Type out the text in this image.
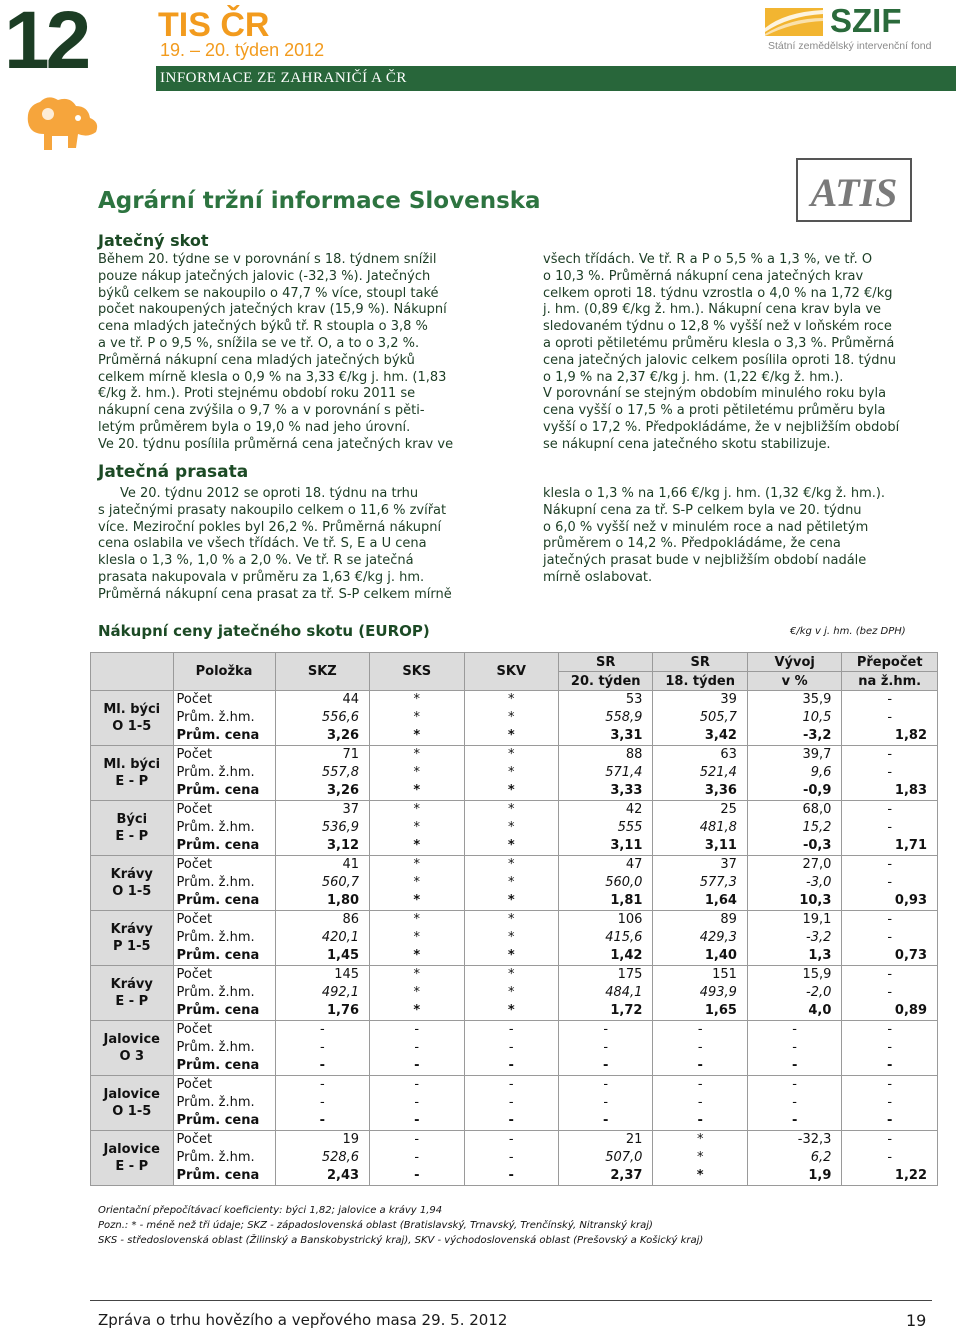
12 TIS ČR
19. – 20. týden 2012
INFORMACE ZE ZAHRANIČÍ A ČR
SZIF
Státní zemědělský intervenční fond
ATIS
Agrární tržní informace Slovenska
Jatečný skot
Během 20. týdne se v porovnání s 18. týdnem snížil
pouze nákup jatečných jalovic (-32,3 %). Jatečných
býků celkem se nakoupilo o 47,7 % více, stoupl také
počet nakoupených jatečných krav (15,9 %). Nákupní
cena mladých jatečných býků tř. R stoupla o 3,8 %
a ve tř. P o 9,5 %, snížila se ve tř. O, a to o 3,2 %.
Průměrná nákupní cena mladých jatečných býků
celkem mírně klesla o 0,9 % na 3,33 €/kg j. hm. (1,83
€/kg ž. hm.). Proti stejnému období roku 2011 se
nákupní cena zvýšila o 9,7 % a v porovnání s pěti-
letým průměrem byla o 19,0 % nad jeho úrovní.
Ve 20. týdnu posílila průměrná cena jatečných krav ve
všech třídách. Ve tř. R a P o 5,5 % a 1,3 %, ve tř. O
o 10,3 %. Průměrná nákupní cena jatečných krav
celkem oproti 18. týdnu vzrostla o 4,0 % na 1,72 €/kg
j. hm. (0,89 €/kg ž. hm.). Nákupní cena krav byla ve
sledovaném týdnu o 12,8 % vyšší než v loňském roce
a oproti pětiletému průměru klesla o 3,3 %. Průměrná
cena jatečných jalovic celkem posílila oproti 18. týdnu
o 1,9 % na 2,37 €/kg j. hm. (1,22 €/kg ž. hm.).
V porovnání se stejným obdobím minulého roku byla
cena vyšší o 17,5 % a proti pětiletému průměru byla
vyšší o 17,2 %. Předpokládáme, že v nejbližším období
se nákupní cena jatečného skotu stabilizuje.
Jatečná prasata
Ve 20. týdnu 2012 se oproti 18. týdnu na trhu
s jatečnými prasaty nakoupilo celkem o 11,6 % zvířat
více. Meziroční pokles byl 26,2 %. Průměrná nákupní
cena oslabila ve všech třídách. Ve tř. S, E a U cena
klesla o 1,3 %, 1,0 % a 2,0 %. Ve tř. R se jatečná
prasata nakupovala v průměru za 1,63 €/kg j. hm.
Průměrná nákupní cena prasat za tř. S-P celkem mírně
klesla o 1,3 % na 1,66 €/kg j. hm. (1,32 €/kg ž. hm.).
Nákupní cena za tř. S-P celkem byla ve 20. týdnu
o 6,0 % vyšší než v minulém roce a nad pětiletým
průměrem o 14,2 %. Předpokládáme, že cena
jatečných prasat bude v nejbližším období nadále
mírně oslabovat.
Nákupní ceny jatečného skotu (EUROP)	€/kg v j. hm. (bez DPH)
	Položka	SKZ	SKS	SKV	SR	SR	Vývoj	Přepočet
					20. týden	18. týden	v %	na ž.hm.

Ml. býci
O 1-5	Počet	44	*	*	53	39	35,9	-
	Prům. ž.hm.	556,6	*	*	558,9	505,7	10,5	-
	Prům. cena	3,26	*	*	3,31	3,42	-3,2	1,82

Ml. býci
E - P	Počet	71	*	*	88	63	39,7	-
	Prům. ž.hm.	557,8	*	*	571,4	521,4	9,6	-
	Prům. cena	3,26	*	*	3,33	3,36	-0,9	1,83

Býci
E - P	Počet	37	*	*	42	25	68,0	-
	Prům. ž.hm.	536,9	*	*	555	481,8	15,2	-
	Prům. cena	3,12	*	*	3,11	3,11	-0,3	1,71

Krávy
O 1-5	Počet	41	*	*	47	37	27,0	-
	Prům. ž.hm.	560,7	*	*	560,0	577,3	-3,0	-
	Prům. cena	1,80	*	*	1,81	1,64	10,3	0,93

Krávy
P 1-5	Počet	86	*	*	106	89	19,1	-
	Prům. ž.hm.	420,1	*	*	415,6	429,3	-3,2	-
	Prům. cena	1,45	*	*	1,42	1,40	1,3	0,73

Krávy
E - P	Počet	145	*	*	175	151	15,9	-
	Prům. ž.hm.	492,1	*	*	484,1	493,9	-2,0	-
	Prům. cena	1,76	*	*	1,72	1,65	4,0	0,89

Jalovice
O 3	Počet	-	-	-	-	-	-	-
	Prům. ž.hm.	-	-	-	-	-	-	-
	Prům. cena	-	-	-	-	-	-	-

Jalovice
O 1-5	Počet	-	-	-	-	-	-	-
	Prům. ž.hm.	-	-	-	-	-	-	-
	Prům. cena	-	-	-	-	-	-	-

Jalovice
E - P	Počet	19	-	-	21	*	-32,3	-
	Prům. ž.hm.	528,6	-	-	507,0	*	6,2	-
	Prům. cena	2,43	-	-	2,37	*	1,9	1,22
Orientační přepočítávací koeficienty: býci 1,82; jalovice a krávy 1,94
Pozn.: * - méně než tři údaje; SKZ - západoslovenská oblast (Bratislavský, Trnavský, Trenčínský, Nitranský kraj)
SKS - středoslovenská oblast (Žilinský a Banskobystrický kraj), SKV - východoslovenská oblast (Prešovský a Košický kraj)
Zpráva o trhu hovězího a vepřového masa 29. 5. 2012	19
